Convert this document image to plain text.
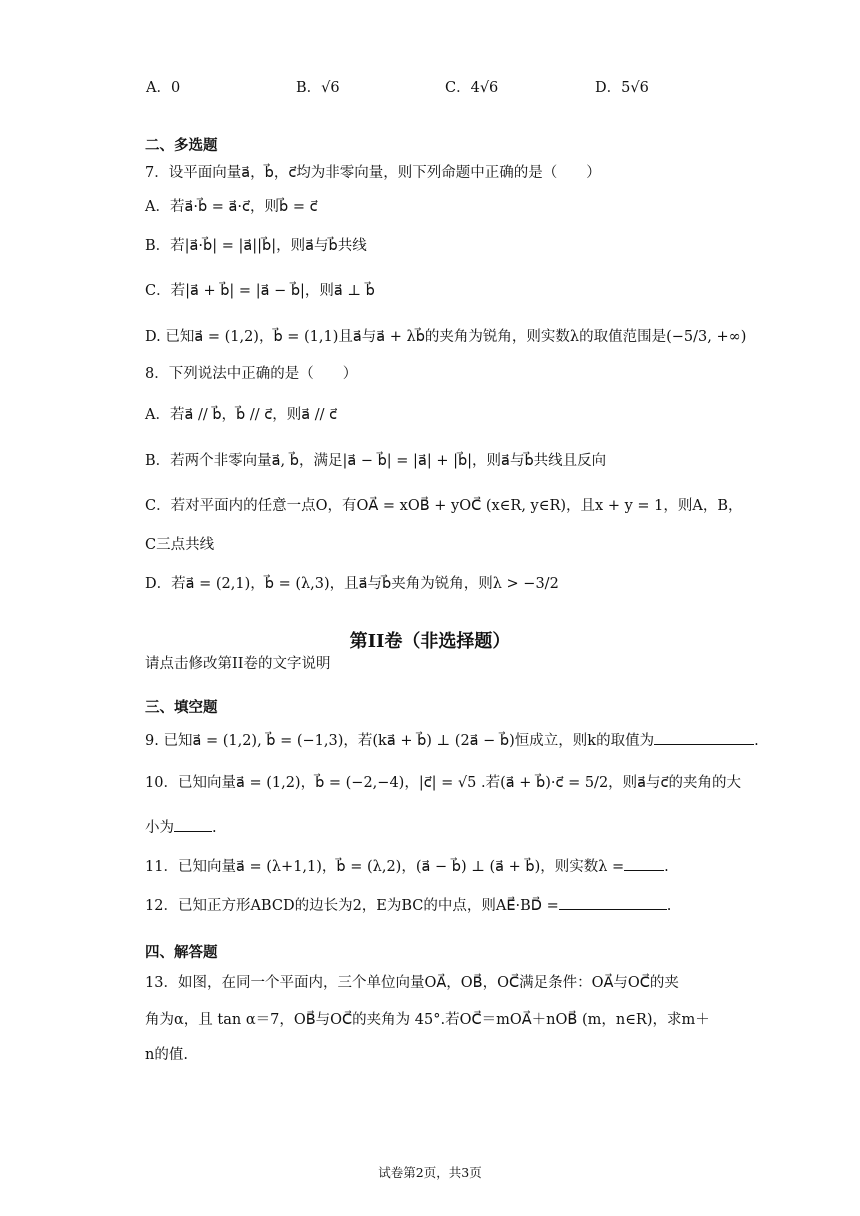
A．0	B．√6	C．4√6	D．5√6
二、多选题
7．设平面向量a⃗，b⃗，c⃗均为非零向量，则下列命题中正确的是（　　）
A．若a⃗·b⃗ = a⃗·c⃗，则b⃗ = c⃗
B．若|a⃗·b⃗| = |a⃗||b⃗|，则a⃗与b⃗共线
C．若|a⃗ + b⃗| = |a⃗ − b⃗|，则a⃗ ⊥ b⃗
D. 已知a⃗ = (1,2)，b⃗ = (1,1)且a⃗与a⃗ + λb⃗的夹角为锐角，则实数λ的取值范围是(−5/3, +∞)
8．下列说法中正确的是（　　）
A．若a⃗ // b⃗，b⃗ // c⃗，则a⃗ // c⃗
B．若两个非零向量a⃗, b⃗，满足|a⃗ − b⃗| = |a⃗| + |b⃗|，则a⃗与b⃗共线且反向
C．若对平面内的任意一点O，有OA⃗ = xOB⃗ + yOC⃗ (x∈R, y∈R)，且x + y = 1，则A，B，
C三点共线
D．若a⃗ = (2,1)，b⃗ = (λ,3)，且a⃗与b⃗夹角为锐角，则λ > −3/2
第II卷（非选择题）
请点击修改第II卷的文字说明
三、填空题
9. 已知a⃗ = (1,2), b⃗ = (−1,3)，若(ka⃗ + b⃗) ⊥ (2a⃗ − b⃗)恒成立，则k的取值为	.
10．已知向量a⃗ = (1,2)，b⃗ = (−2,−4)，|c⃗| = √5 .若(a⃗ + b⃗)·c⃗ = 5/2，则a⃗与c⃗的夹角的大
小为	.
11．已知向量a⃗ = (λ+1,1)，b⃗ = (λ,2)，(a⃗ − b⃗) ⊥ (a⃗ + b⃗)，则实数λ =	.
12．已知正方形ABCD的边长为2，E为BC的中点，则AE⃗·BD⃗ =	.
四、解答题
13．如图，在同一个平面内，三个单位向量OA⃗，OB⃗，OC⃗满足条件：OA⃗与OC⃗的夹
角为α，且 tan α＝7，OB⃗与OC⃗的夹角为 45°.若OC⃗＝mOA⃗＋nOB⃗ (m，n∈R)，求m＋
n的值.
试卷第2页，共3页
